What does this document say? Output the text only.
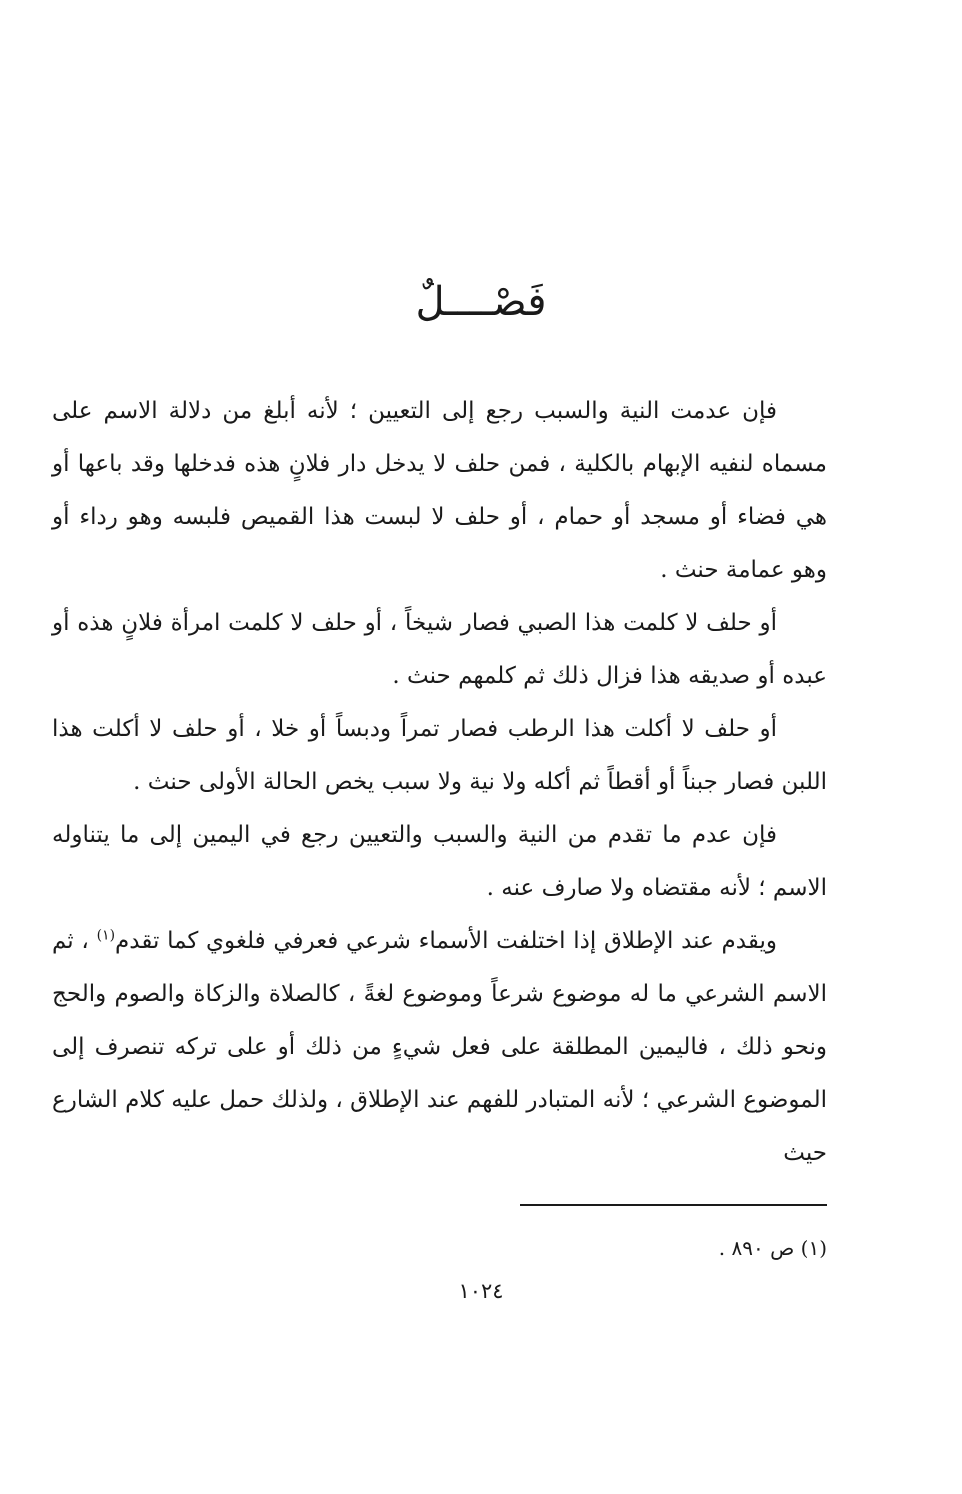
فَصْــــلٌ

فإن عدمت النية والسبب رجع إلى التعيين ؛ لأنه أبلغ من دلالة الاسم على مسماه لنفيه الإبهام بالكلية ، فمن حلف لا يدخل دار فلانٍ هذه فدخلها وقد باعها أو هي فضاء أو مسجد أو حمام ، أو حلف لا لبست هذا القميص فلبسه وهو رداء أو وهو عمامة حنث .

أو حلف لا كلمت هذا الصبي فصار شيخاً ، أو حلف لا كلمت امرأة فلانٍ هذه أو عبده أو صديقه هذا فزال ذلك ثم كلمهم حنث .

أو حلف لا أكلت هذا الرطب فصار تمراً ودبساً أو خلا ، أو حلف لا أكلت هذا اللبن فصار جبناً أو أقطاً ثم أكله ولا نية ولا سبب يخص الحالة الأولى حنث .

فإن عدم ما تقدم من النية والسبب والتعيين رجع في اليمين إلى ما يتناوله الاسم ؛ لأنه مقتضاه ولا صارف عنه .

ويقدم عند الإطلاق إذا اختلفت الأسماء شرعي فعرفي فلغوي كما تقدم$^{(١)}$ ، ثم الاسم الشرعي ما له موضوع شرعاً وموضوع لغةً ، كالصلاة والزكاة والصوم والحج ونحو ذلك ، فاليمين المطلقة على فعل شيءٍ من ذلك أو على تركه تنصرف إلى الموضوع الشرعي ؛ لأنه المتبادر للفهم عند الإطلاق ، ولذلك حمل عليه كلام الشارع حيث

(١) ص ٨٩٠ .
١٠٢٤
